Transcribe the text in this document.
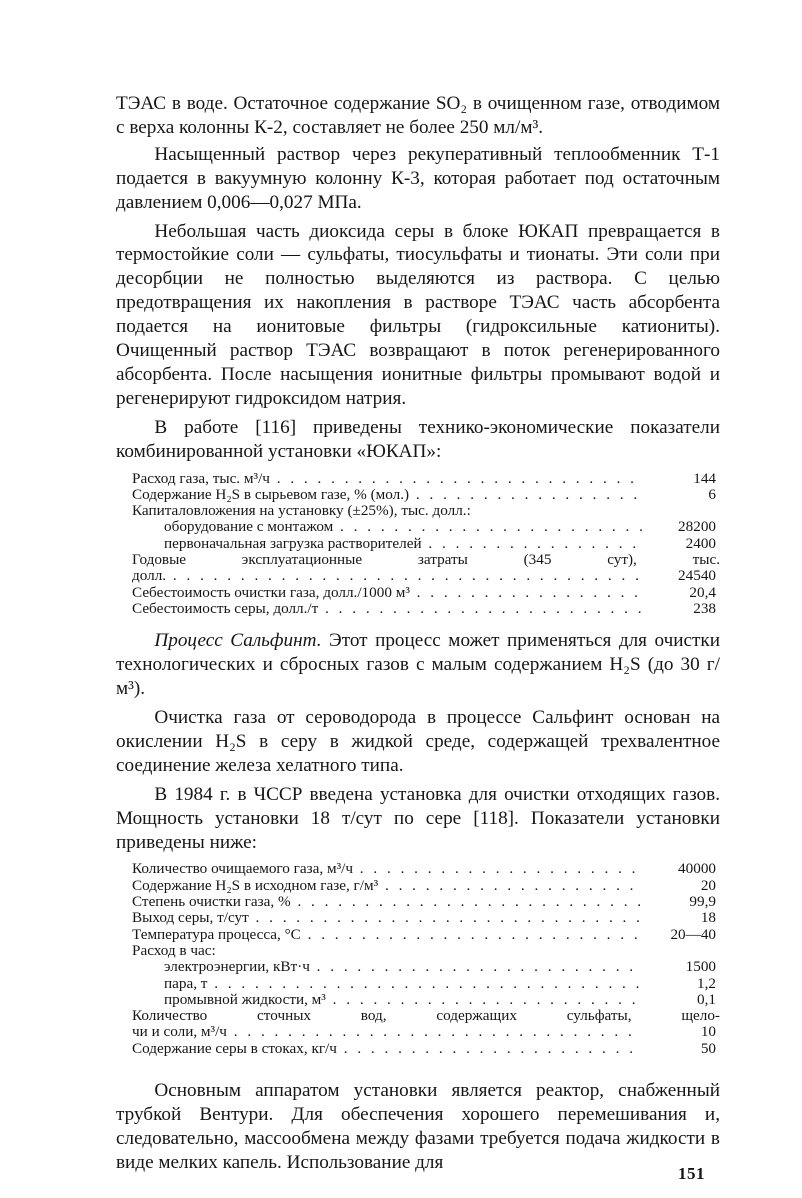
ТЭАС в воде. Остаточное содержание SO₂ в очищенном газе, отводимом с верха колонны К-2, составляет не более 250 мл/м³.

Насыщенный раствор через рекуперативный теплообменник Т-1 подается в вакуумную колонну К-3, которая работает под остаточным давлением 0,006—0,027 МПа.

Небольшая часть диоксида серы в блоке ЮКАП превращается в термостойкие соли — сульфаты, тиосульфаты и тионаты. Эти соли при десорбции не полностью выделяются из раствора. С целью предотвращения их накопления в растворе ТЭАС часть абсорбента подается на ионитовые фильтры (гидроксильные катиониты). Очищенный раствор ТЭАС возвращают в поток регенерированного абсорбента. После насыщения ионитные фильтры промывают водой и регенерируют гидроксидом натрия.

В работе [116] приведены технико-экономические показатели комбинированной установки «ЮКАП»:

Расход газа, тыс. м³/ч . . .	144
Содержание H₂S в сырьевом газе, % (мол.) . . .	6
Капиталовложения на установку (±25%), тыс. долл.:
оборудование с монтажом . . .	28200
первоначальная загрузка растворителей . . .	2400
Годовые эксплуатационные затраты (345 сут), тыс.
долл. . . .	24540
Себестоимость очистки газа, долл./1000 м³ . . .	20,4
Себестоимость серы, долл./т . . .	238

Процесс Сальфинт. Этот процесс может применяться для очистки технологических и сбросных газов с малым содержанием H₂S (до 30 г/м³).

Очистка газа от сероводорода в процессе Сальфинт основан на окислении H₂S в серу в жидкой среде, содержащей трехвалентное соединение железа хелатного типа.

В 1984 г. в ЧССР введена установка для очистки отходящих газов. Мощность установки 18 т/сут по сере [118]. Показатели установки приведены ниже:

Количество очищаемого газа, м³/ч . . .	40000
Содержание H₂S в исходном газе, г/м³ . . .	20
Степень очистки газа, % . . .	99,9
Выход серы, т/сут . . .	18
Температура процесса, °С . . .	20—40
Расход в час:
электроэнергии, кВт·ч . . .	1500
пара, т . . .	1,2
промывной жидкости, м³ . . .	0,1
Количество сточных вод, содержащих сульфаты, щело-
чи и соли, м³/ч . . .	10
Содержание серы в стоках, кг/ч . . .	50

Основным аппаратом установки является реактор, снабженный трубкой Вентури. Для обеспечения хорошего перемешивания и, следовательно, массообмена между фазами требуется подача жидкости в виде мелких капель. Использование для

151
